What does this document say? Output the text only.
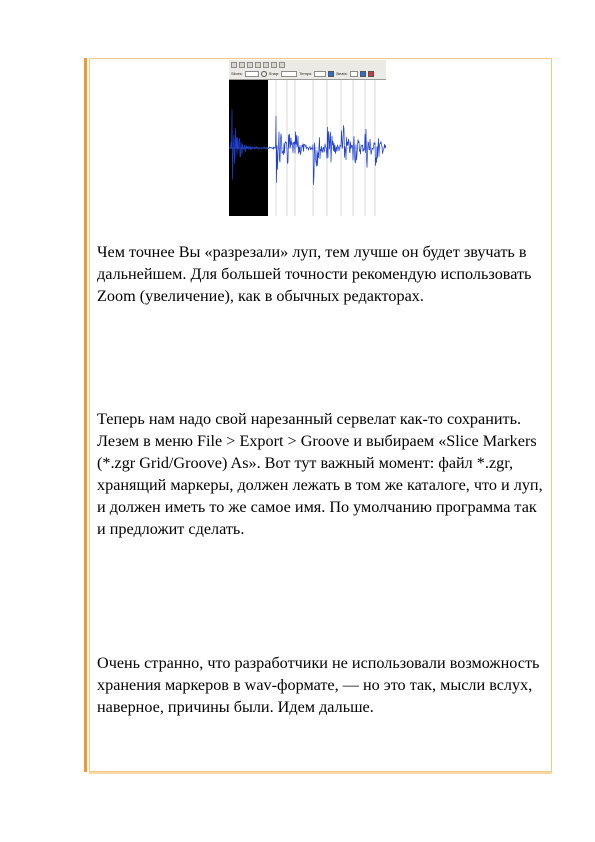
Slices:	Snap:	Tempo:	Beats:

Чем точнее Вы «разрезали» луп, тем лучше он будет звучать в дальнейшем. Для большей точности рекомендую использовать Zoom (увеличение), как в обычных редакторах.

Теперь нам надо свой нарезанный сервелат как-то сохранить. Лезем в меню File > Export > Groove и выбираем «Slice Markers (*.zgr Grid/Groove) As». Вот тут важный момент: файл *.zgr, хранящий маркеры, должен лежать в том же каталоге, что и луп, и должен иметь то же самое имя. По умолчанию программа так и предложит сделать.

Очень странно, что разработчики не использовали возможность хранения маркеров в wav-формате, — но это так, мысли вслух, наверное, причины были. Идем дальше.
